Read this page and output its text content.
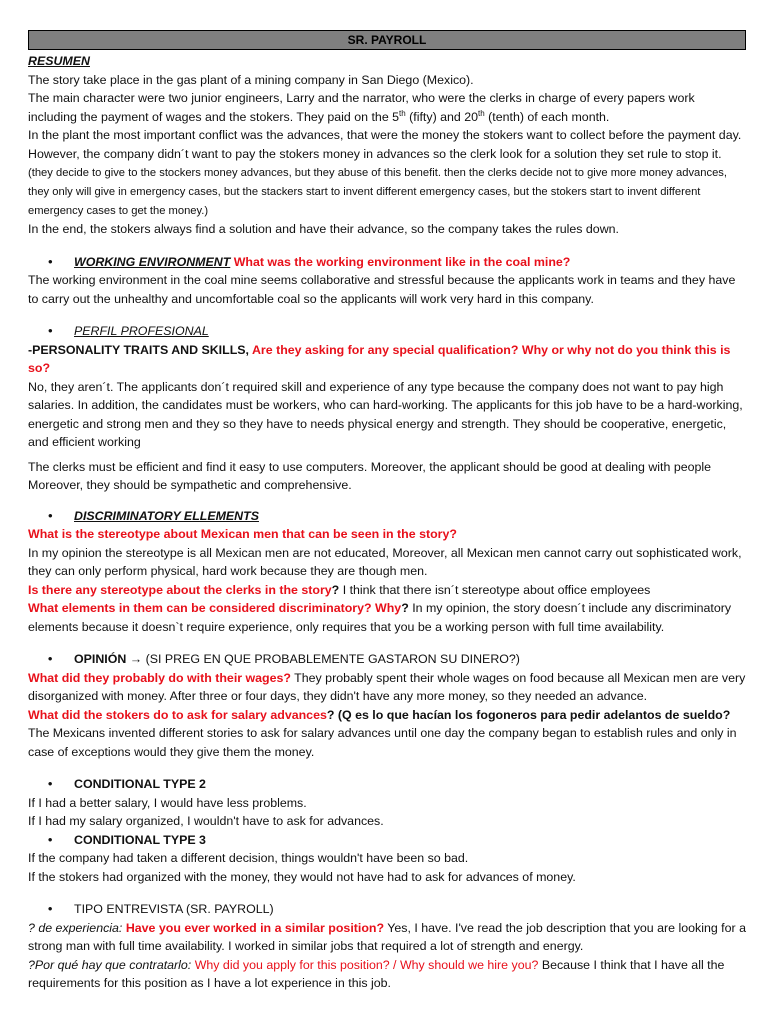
SR. PAYROLL

RESUMEN

The story take place in the gas plant of a mining company in San Diego (Mexico).

The main character were two junior engineers, Larry and the narrator, who were the clerks in charge of every papers work

including the payment of wages and the stokers. They paid on the 5th (fifty) and 20th (tenth) of each month.

In the plant the most important conflict was the advances, that were the money the stokers want to collect before the payment day. However, the company didn´t want to pay the stokers money in advances so the clerk look for a solution they set rule to stop it. (they decide to give to the stockers money advances, but they abuse of this benefit. then the clerks decide not to give more money advances, they only will give in emergency cases, but the stackers start to invent different emergency cases, but the stokers start to invent different emergency cases to get the money.)

In the end, the stokers always find a solution and have their advance, so the company takes the rules down.

• WORKING ENVIRONMENT What was the working environment like in the coal mine?

The working environment in the coal mine seems collaborative and stressful because the applicants work in teams and they have to carry out the unhealthy and uncomfortable coal so the applicants will work very hard in this company.

• PERFIL PROFESIONAL

-PERSONALITY TRAITS AND SKILLS, Are they asking for any special qualification? Why or why not do you think this is so?

No, they aren´t. The applicants don´t required skill and experience of any type because the company does not want to pay high salaries. In addition, the candidates must be workers, who can hard-working. The applicants for this job have to be a hard-working, energetic and strong men and they so they have to needs physical energy and strength. They should be cooperative, energetic, and efficient working

The clerks must be efficient and find it easy to use computers. Moreover, the applicant should be good at dealing with people Moreover, they should be sympathetic and comprehensive.

• DISCRIMINATORY ELLEMENTS

What is the stereotype about Mexican men that can be seen in the story?

In my opinion the stereotype is all Mexican men are not educated, Moreover, all Mexican men cannot carry out sophisticated work, they can only perform physical, hard work because they are though men.

Is there any stereotype about the clerks in the story? I think that there isn´t stereotype about office employees

What elements in them can be considered discriminatory? Why? In my opinion, the story doesn´t include any discriminatory elements because it doesn`t require experience, only requires that you be a working person with full time availability.

• OPINIÓN → (SI PREG EN QUE PROBABLEMENTE GASTARON SU DINERO?)

What did they probably do with their wages? They probably spent their whole wages on food because all Mexican men are very disorganized with money. After three or four days, they didn't have any more money, so they needed an advance.

What did the stokers do to ask for salary advances? (Q es lo que hacían los fogoneros para pedir adelantos de sueldo? The Mexicans invented different stories to ask for salary advances until one day the company began to establish rules and only in case of exceptions would they give them the money.

• CONDITIONAL TYPE 2

If I had a better salary, I would have less problems.

If I had my salary organized, I wouldn't have to ask for advances.

• CONDITIONAL TYPE 3

If the company had taken a different decision, things wouldn't have been so bad.

If the stokers had organized with the money, they would not have had to ask for advances of money.

• TIPO ENTREVISTA (SR. PAYROLL)

? de experiencia: Have you ever worked in a similar position? Yes, I have. I've read the job description that you are looking for a strong man with full time availability. I worked in similar jobs that required a lot of strength and energy.

?Por qué hay que contratarlo: Why did you apply for this position? / Why should we hire you? Because I think that I have all the requirements for this position as I have a lot experience in this job.
